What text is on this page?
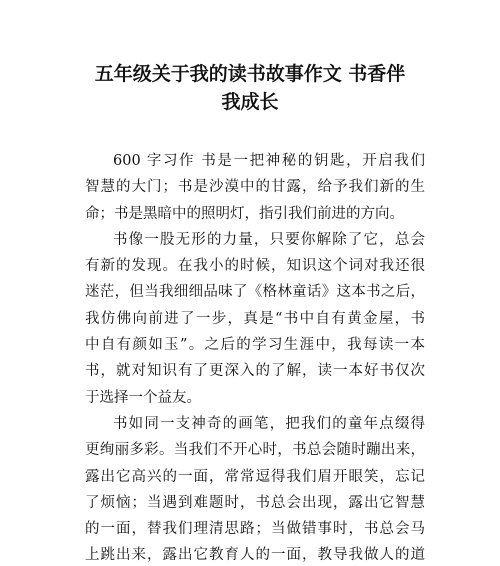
五年级关于我的读书故事作文 书香伴
我成长
600 字习作 书是一把神秘的钥匙，开启我们
智慧的大门；书是沙漠中的甘露，给予我们新的生
命；书是黑暗中的照明灯，指引我们前进的方向。
书像一股无形的力量，只要你解除了它，总会
有新的发现。在我小的时候，知识这个词对我还很
迷茫，但当我细细品味了《格林童话》这本书之后，
我仿佛向前进了一步，真是“书中自有黄金屋，书
中自有颜如玉”。之后的学习生涯中，我每读一本
书，就对知识有了更深入的了解，读一本好书仅次
于选择一个益友。
书如同一支神奇的画笔，把我们的童年点缀得
更绚丽多彩。当我们不开心时，书总会随时蹦出来，
露出它高兴的一面，常常逗得我们眉开眼笑，忘记
了烦恼；当遇到难题时，书总会出现，露出它智慧
的一面，替我们理清思路；当做错事时，书总会马
上跳出来，露出它教育人的一面，教导我做人的道
